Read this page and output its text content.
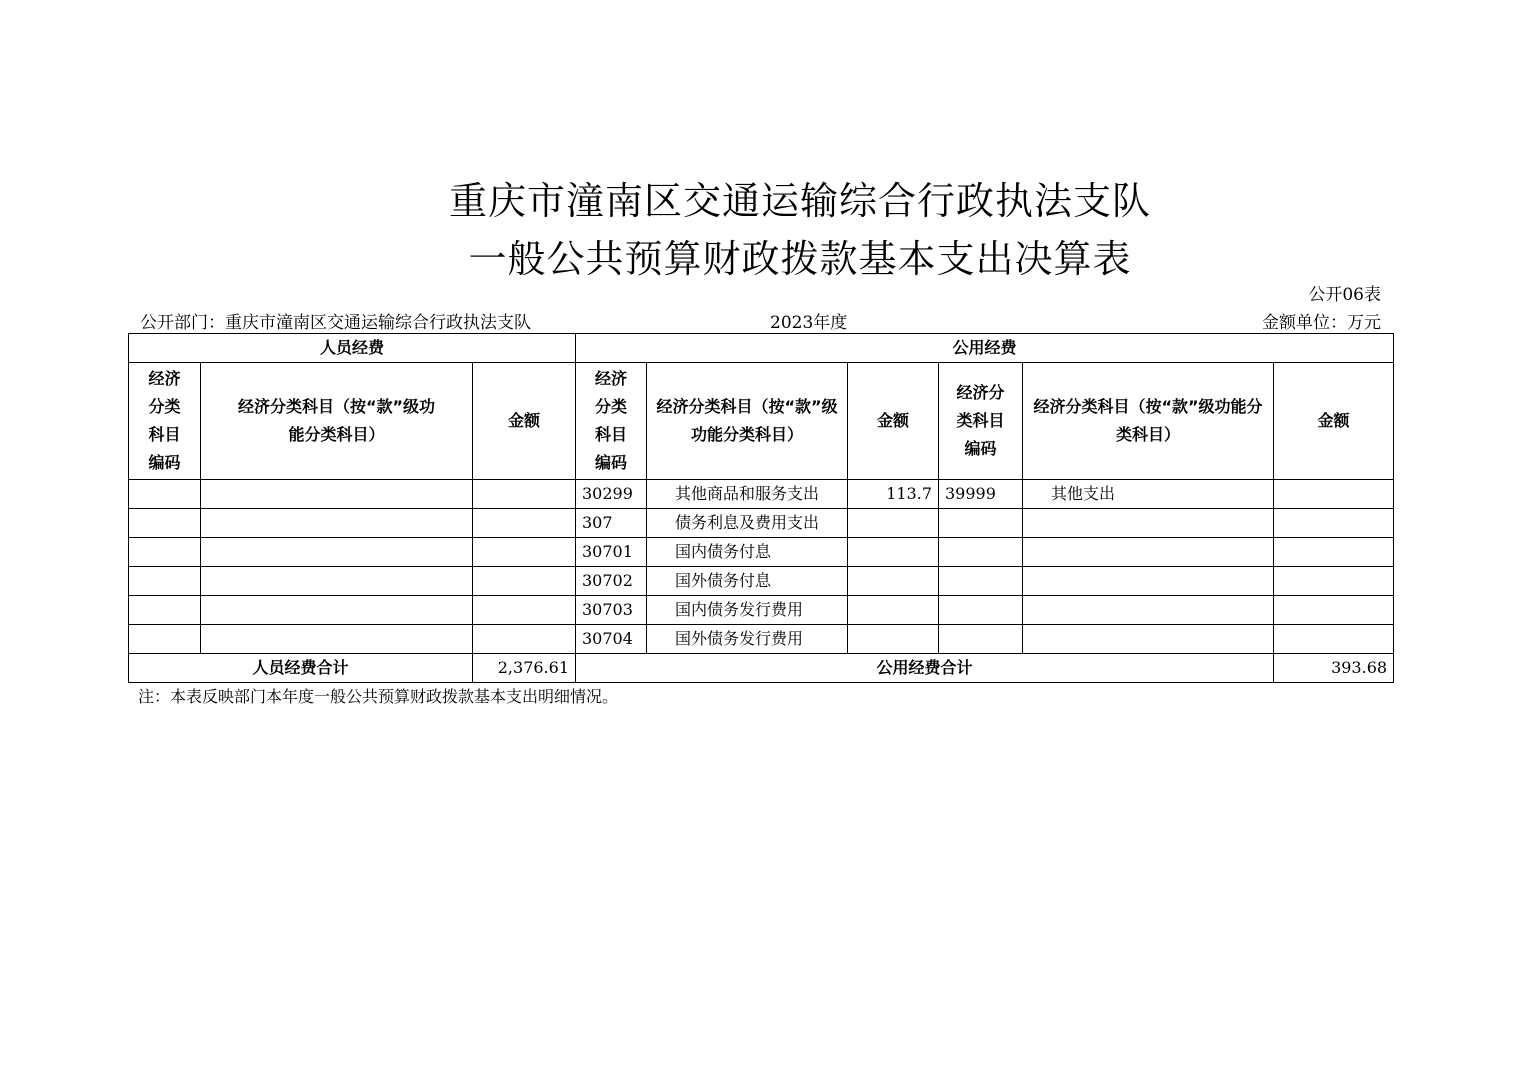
重庆市潼南区交通运输综合行政执法支队
一般公共预算财政拨款基本支出决算表
公开06表
公开部门：重庆市潼南区交通运输综合行政执法支队	2023年度	金额单位：万元
人员经费			公用经费					
经济分类科目编码	经济分类科目（按“款”级功能分类科目）	金额	经济分类科目编码	经济分类科目（按“款”级功能分类科目）	金额	经济分类科目编码	经济分类科目（按“款”级功能分类科目）	金额
			30299	其他商品和服务支出	113.7	39999	其他支出	
			307	债务利息及费用支出				
			30701	国内债务付息				
			30702	国外债务付息				
			30703	国内债务发行费用				
			30704	国外债务发行费用				
人员经费合计		2,376.61	公用经费合计					393.68
注：本表反映部门本年度一般公共预算财政拨款基本支出明细情况。
